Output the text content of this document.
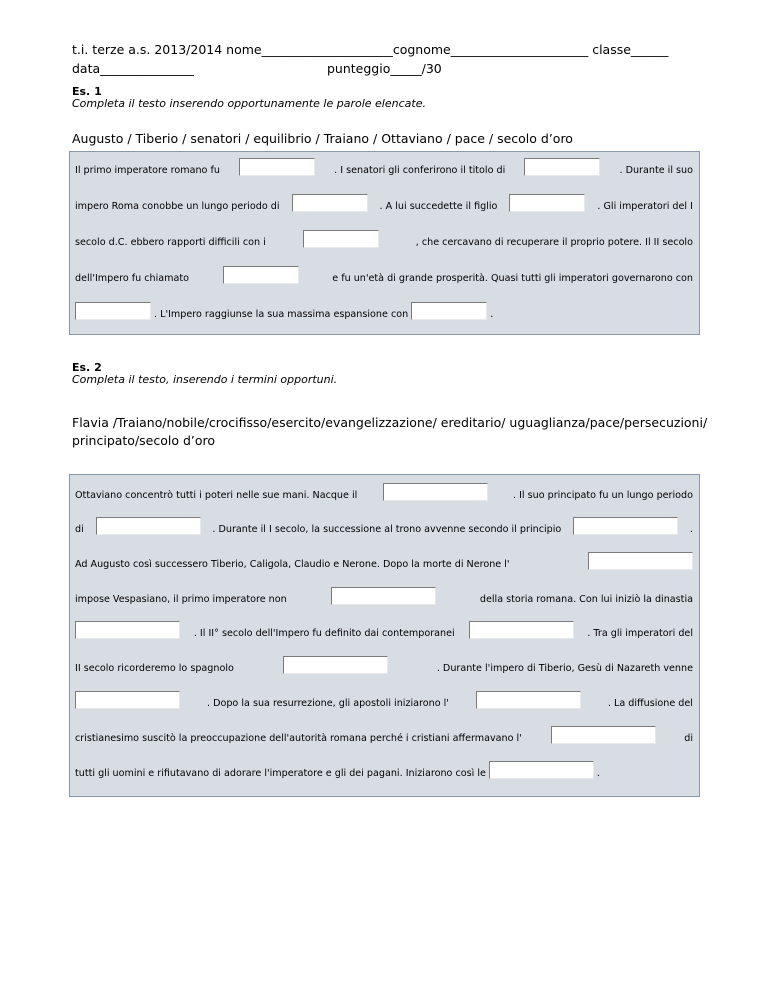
t.i. terze a.s. 2013/2014 nome_____________________cognome______________________ classe______
data_______________	punteggio_____/30
Es. 1
Completa il testo inserendo opportunamente le parole elencate.
Augusto / Tiberio / senatori / equilibrio / Traiano / Ottaviano / pace / secolo d’oro
Il primo imperatore romano fu	. I senatori gli conferirono il titolo di	. Durante il suo
impero Roma conobbe un lungo periodo di	. A lui succedette il figlio	. Gli imperatori del I
secolo d.C. ebbero rapporti difficili con i	, che cercavano di recuperare il proprio potere. Il II secolo
dell'Impero fu chiamato	e fu un'età di grande prosperità. Quasi tutti gli imperatori governarono con
. L'Impero raggiunse la sua massima espansione con	.
Es. 2
Completa il testo, inserendo i termini opportuni.
Flavia /Traiano/nobile/crocifisso/esercito/evangelizzazione/ ereditario/ uguaglianza/pace/persecuzioni/
principato/secolo d’oro
Ottaviano concentrò tutti i poteri nelle sue mani. Nacque il	. Il suo principato fu un lungo periodo
di	. Durante il I secolo, la successione al trono avvenne secondo il principio	.
Ad Augusto così successero Tiberio, Caligola, Claudio e Nerone. Dopo la morte di Nerone l'
impose Vespasiano, il primo imperatore non	della storia romana. Con lui iniziò la dinastia
. Il II° secolo dell'Impero fu definito dai contemporanei	. Tra gli imperatori del
II secolo ricorderemo lo spagnolo	. Durante l'impero di Tiberio, Gesù di Nazareth venne
. Dopo la sua resurrezione, gli apostoli iniziarono l'	. La diffusione del
cristianesimo suscitò la preoccupazione dell'autorità romana perché i cristiani affermavano l'	di
tutti gli uomini e rifiutavano di adorare l'imperatore e gli dei pagani. Iniziarono così le	.
